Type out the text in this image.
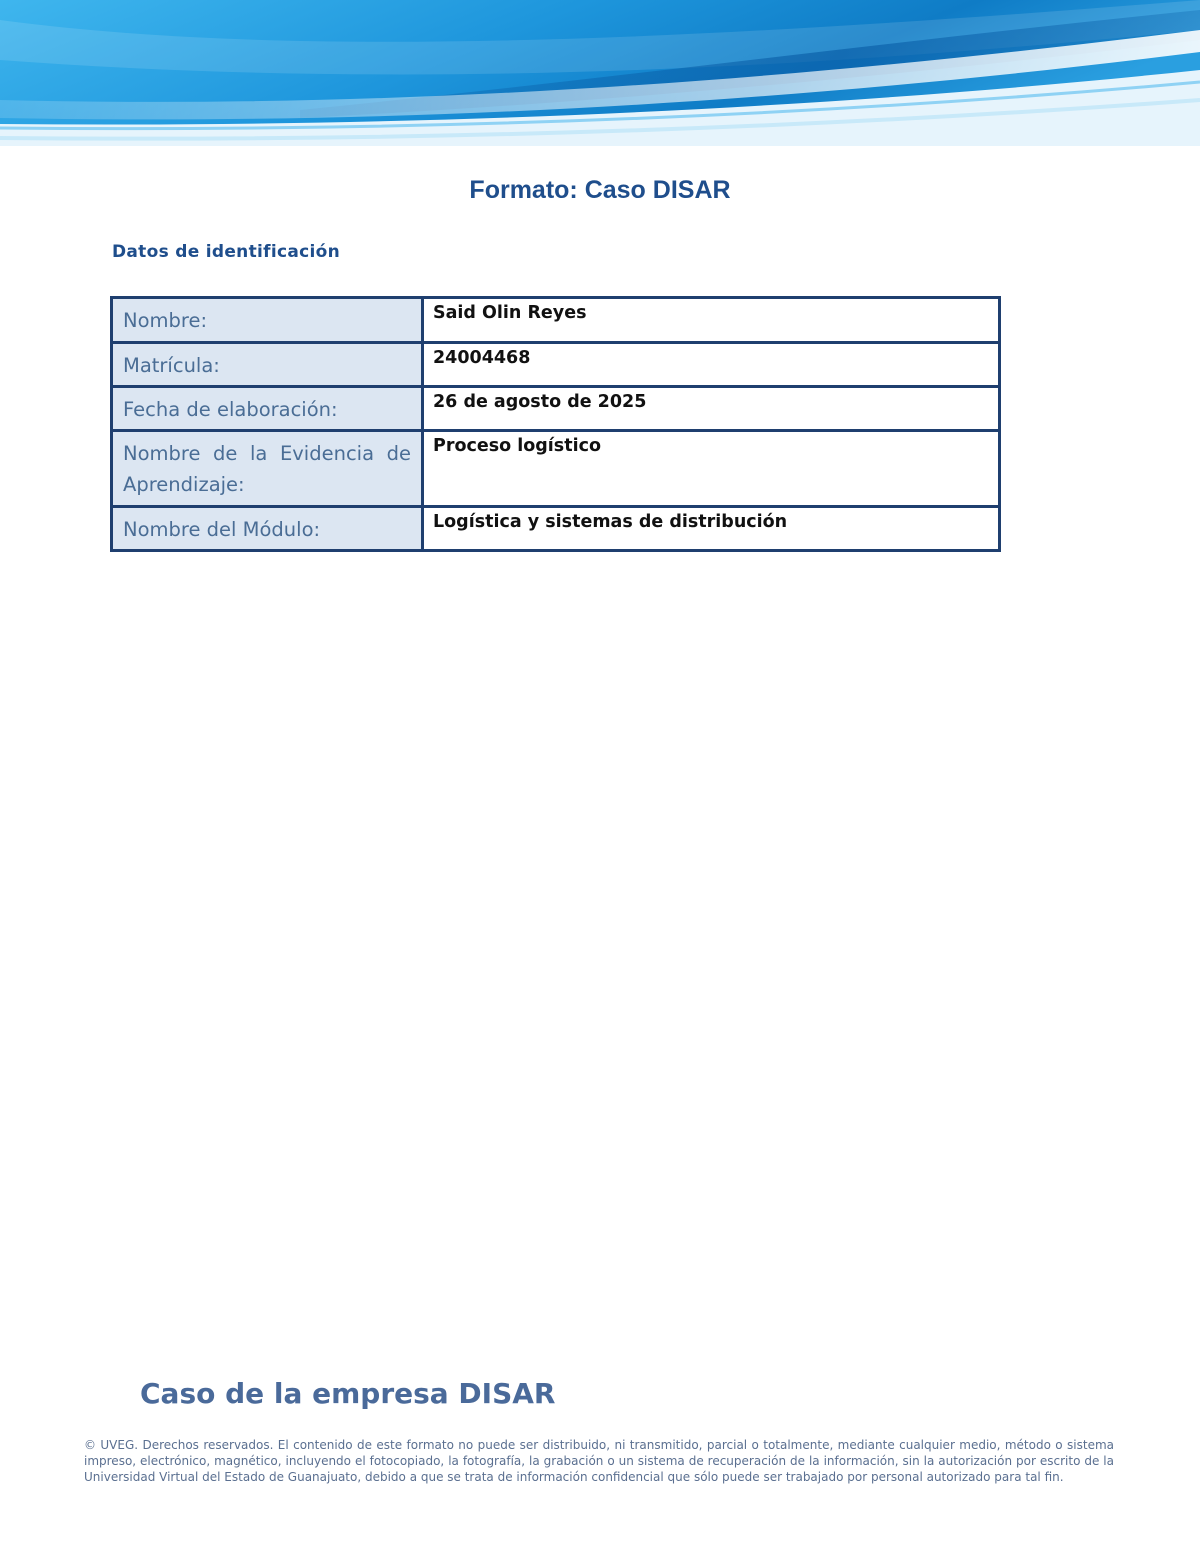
Formato: Caso DISAR
Datos de identificación
Nombre:	Said Olin Reyes
Matrícula:	24004468
Fecha de elaboración:	26 de agosto de 2025
Nombre de la Evidencia de Aprendizaje:	Proceso logístico
Nombre del Módulo:	Logística y sistemas de distribución
Caso de la empresa DISAR
© UVEG. Derechos reservados. El contenido de este formato no puede ser distribuido, ni transmitido, parcial o totalmente, mediante cualquier medio, método o sistema impreso, electrónico, magnético, incluyendo el fotocopiado, la fotografía, la grabación o un sistema de recuperación de la información, sin la autorización por escrito de la Universidad Virtual del Estado de Guanajuato, debido a que se trata de información confidencial que sólo puede ser trabajado por personal autorizado para tal fin.
